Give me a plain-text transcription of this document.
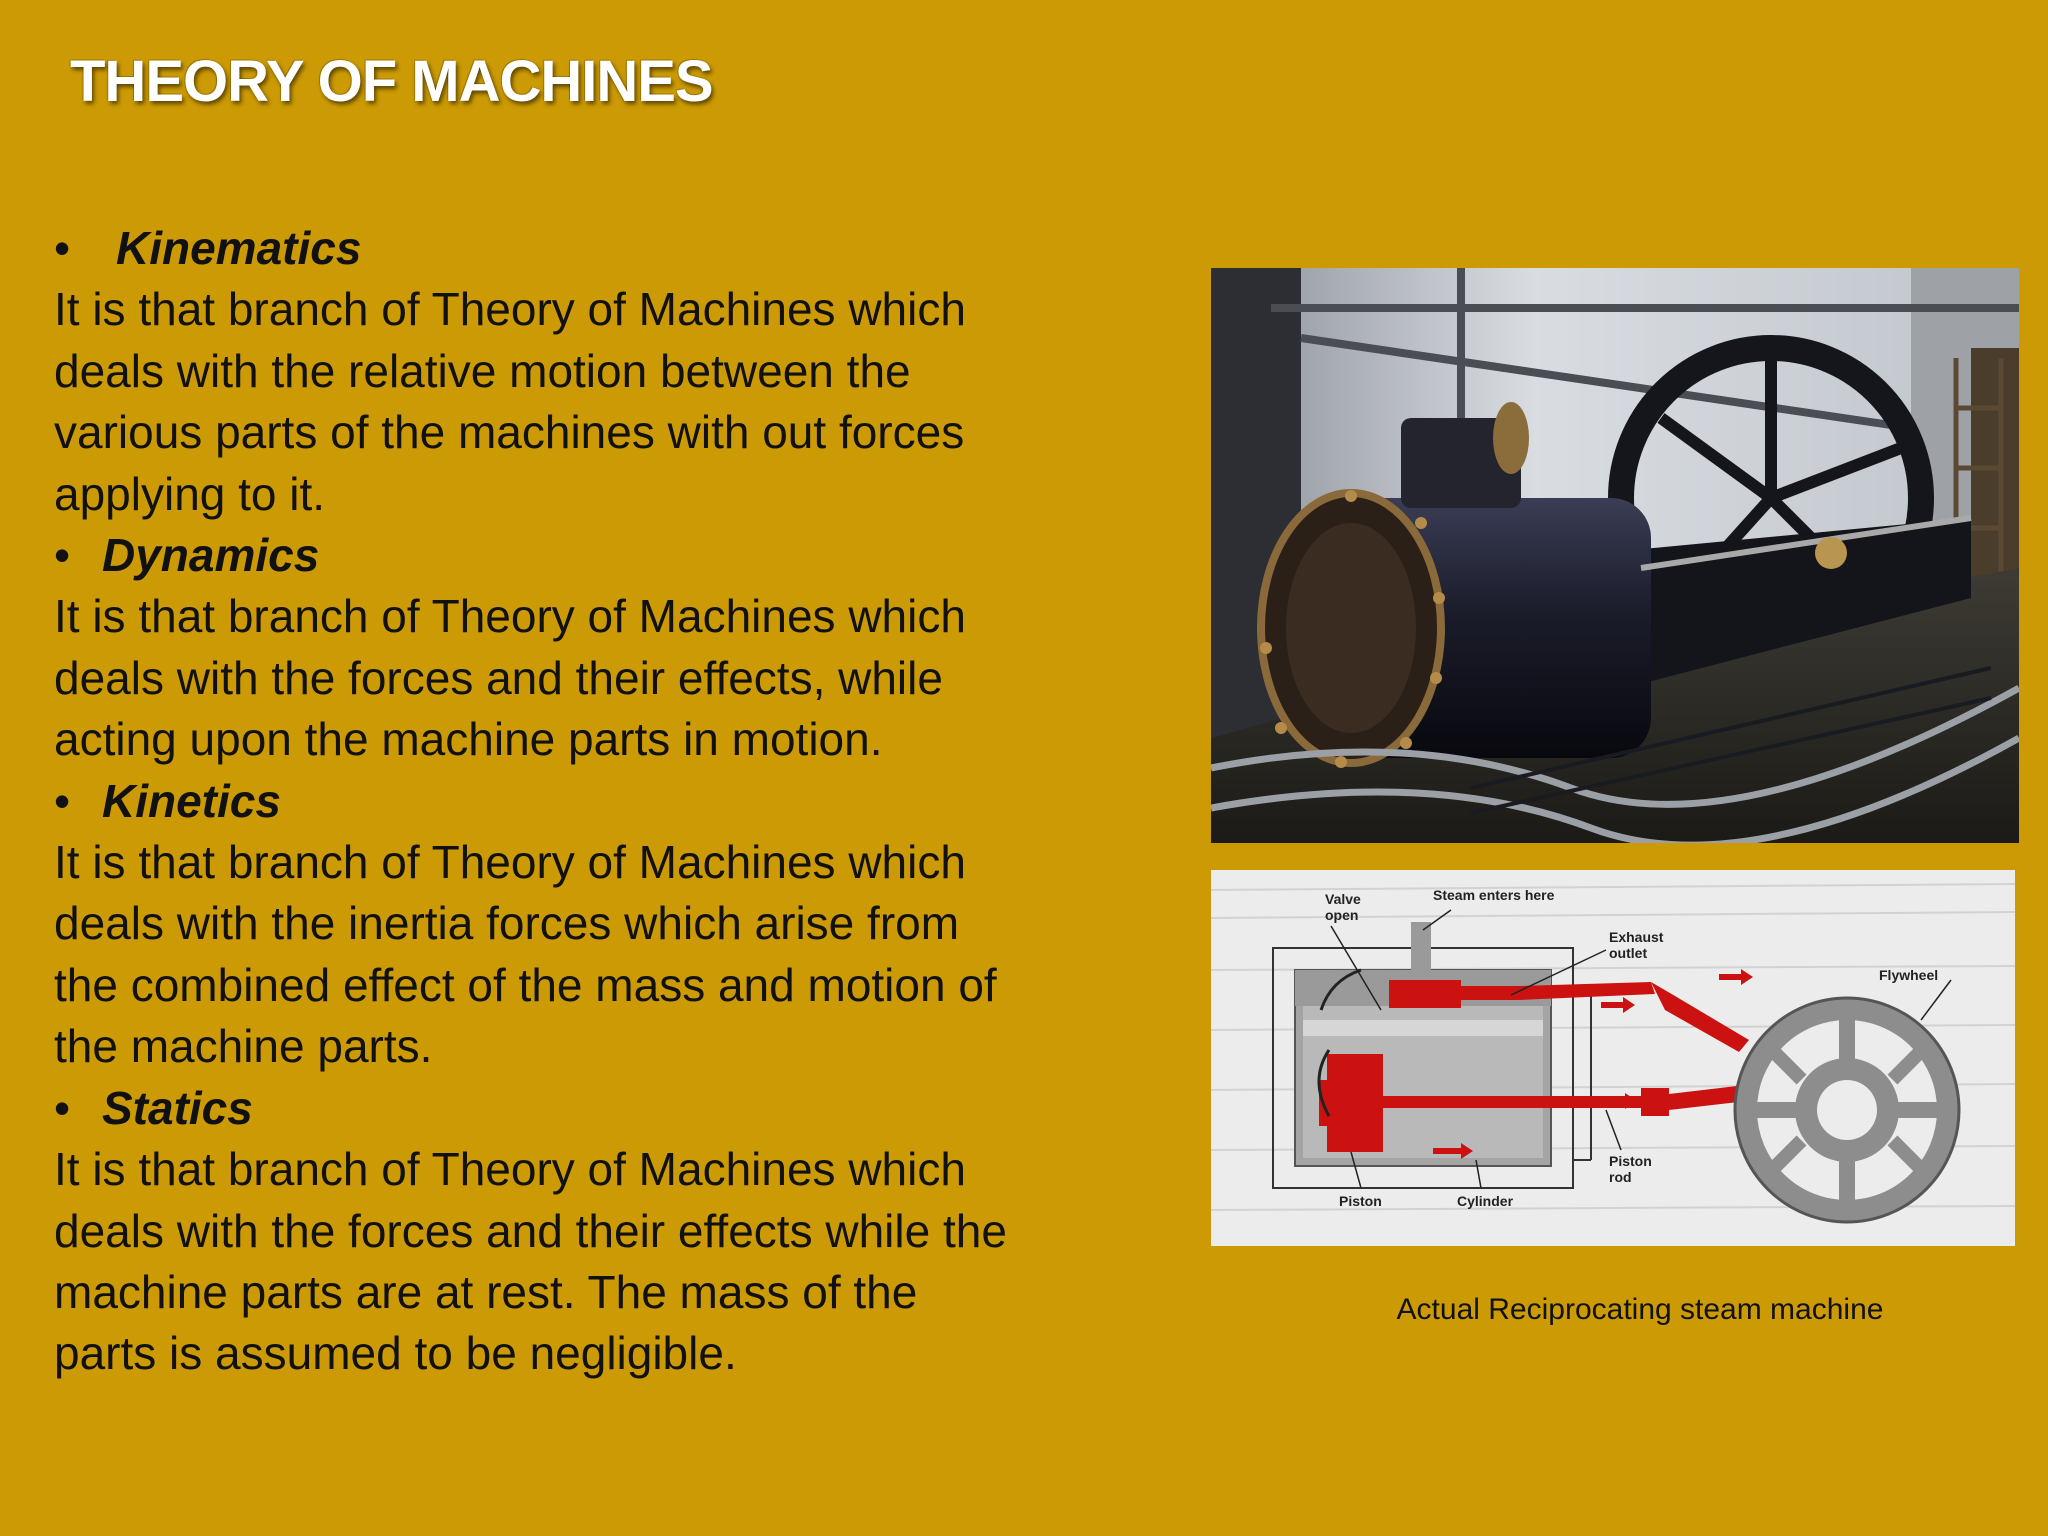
THEORY OF MACHINES
• Kinematics

It is that branch of Theory of Machines which

deals with the relative motion between the

various parts of the machines with out forces

applying to it.

• Dynamics

It is that branch of Theory of Machines which

deals with the forces and their effects, while

acting upon the machine parts in motion.

• Kinetics

It is that branch of Theory of Machines which

deals with the inertia forces which arise from

the combined effect of the mass and motion of

the machine parts.

• Statics

It is that branch of Theory of Machines which

deals with the forces and their effects while the

machine parts are at rest. The mass of the

parts is assumed to be negligible.

Valve
open
Steam enters here
Exhaust
outlet
Flywheel
Piston
rod
Piston	Cylinder
Actual Reciprocating steam machine
